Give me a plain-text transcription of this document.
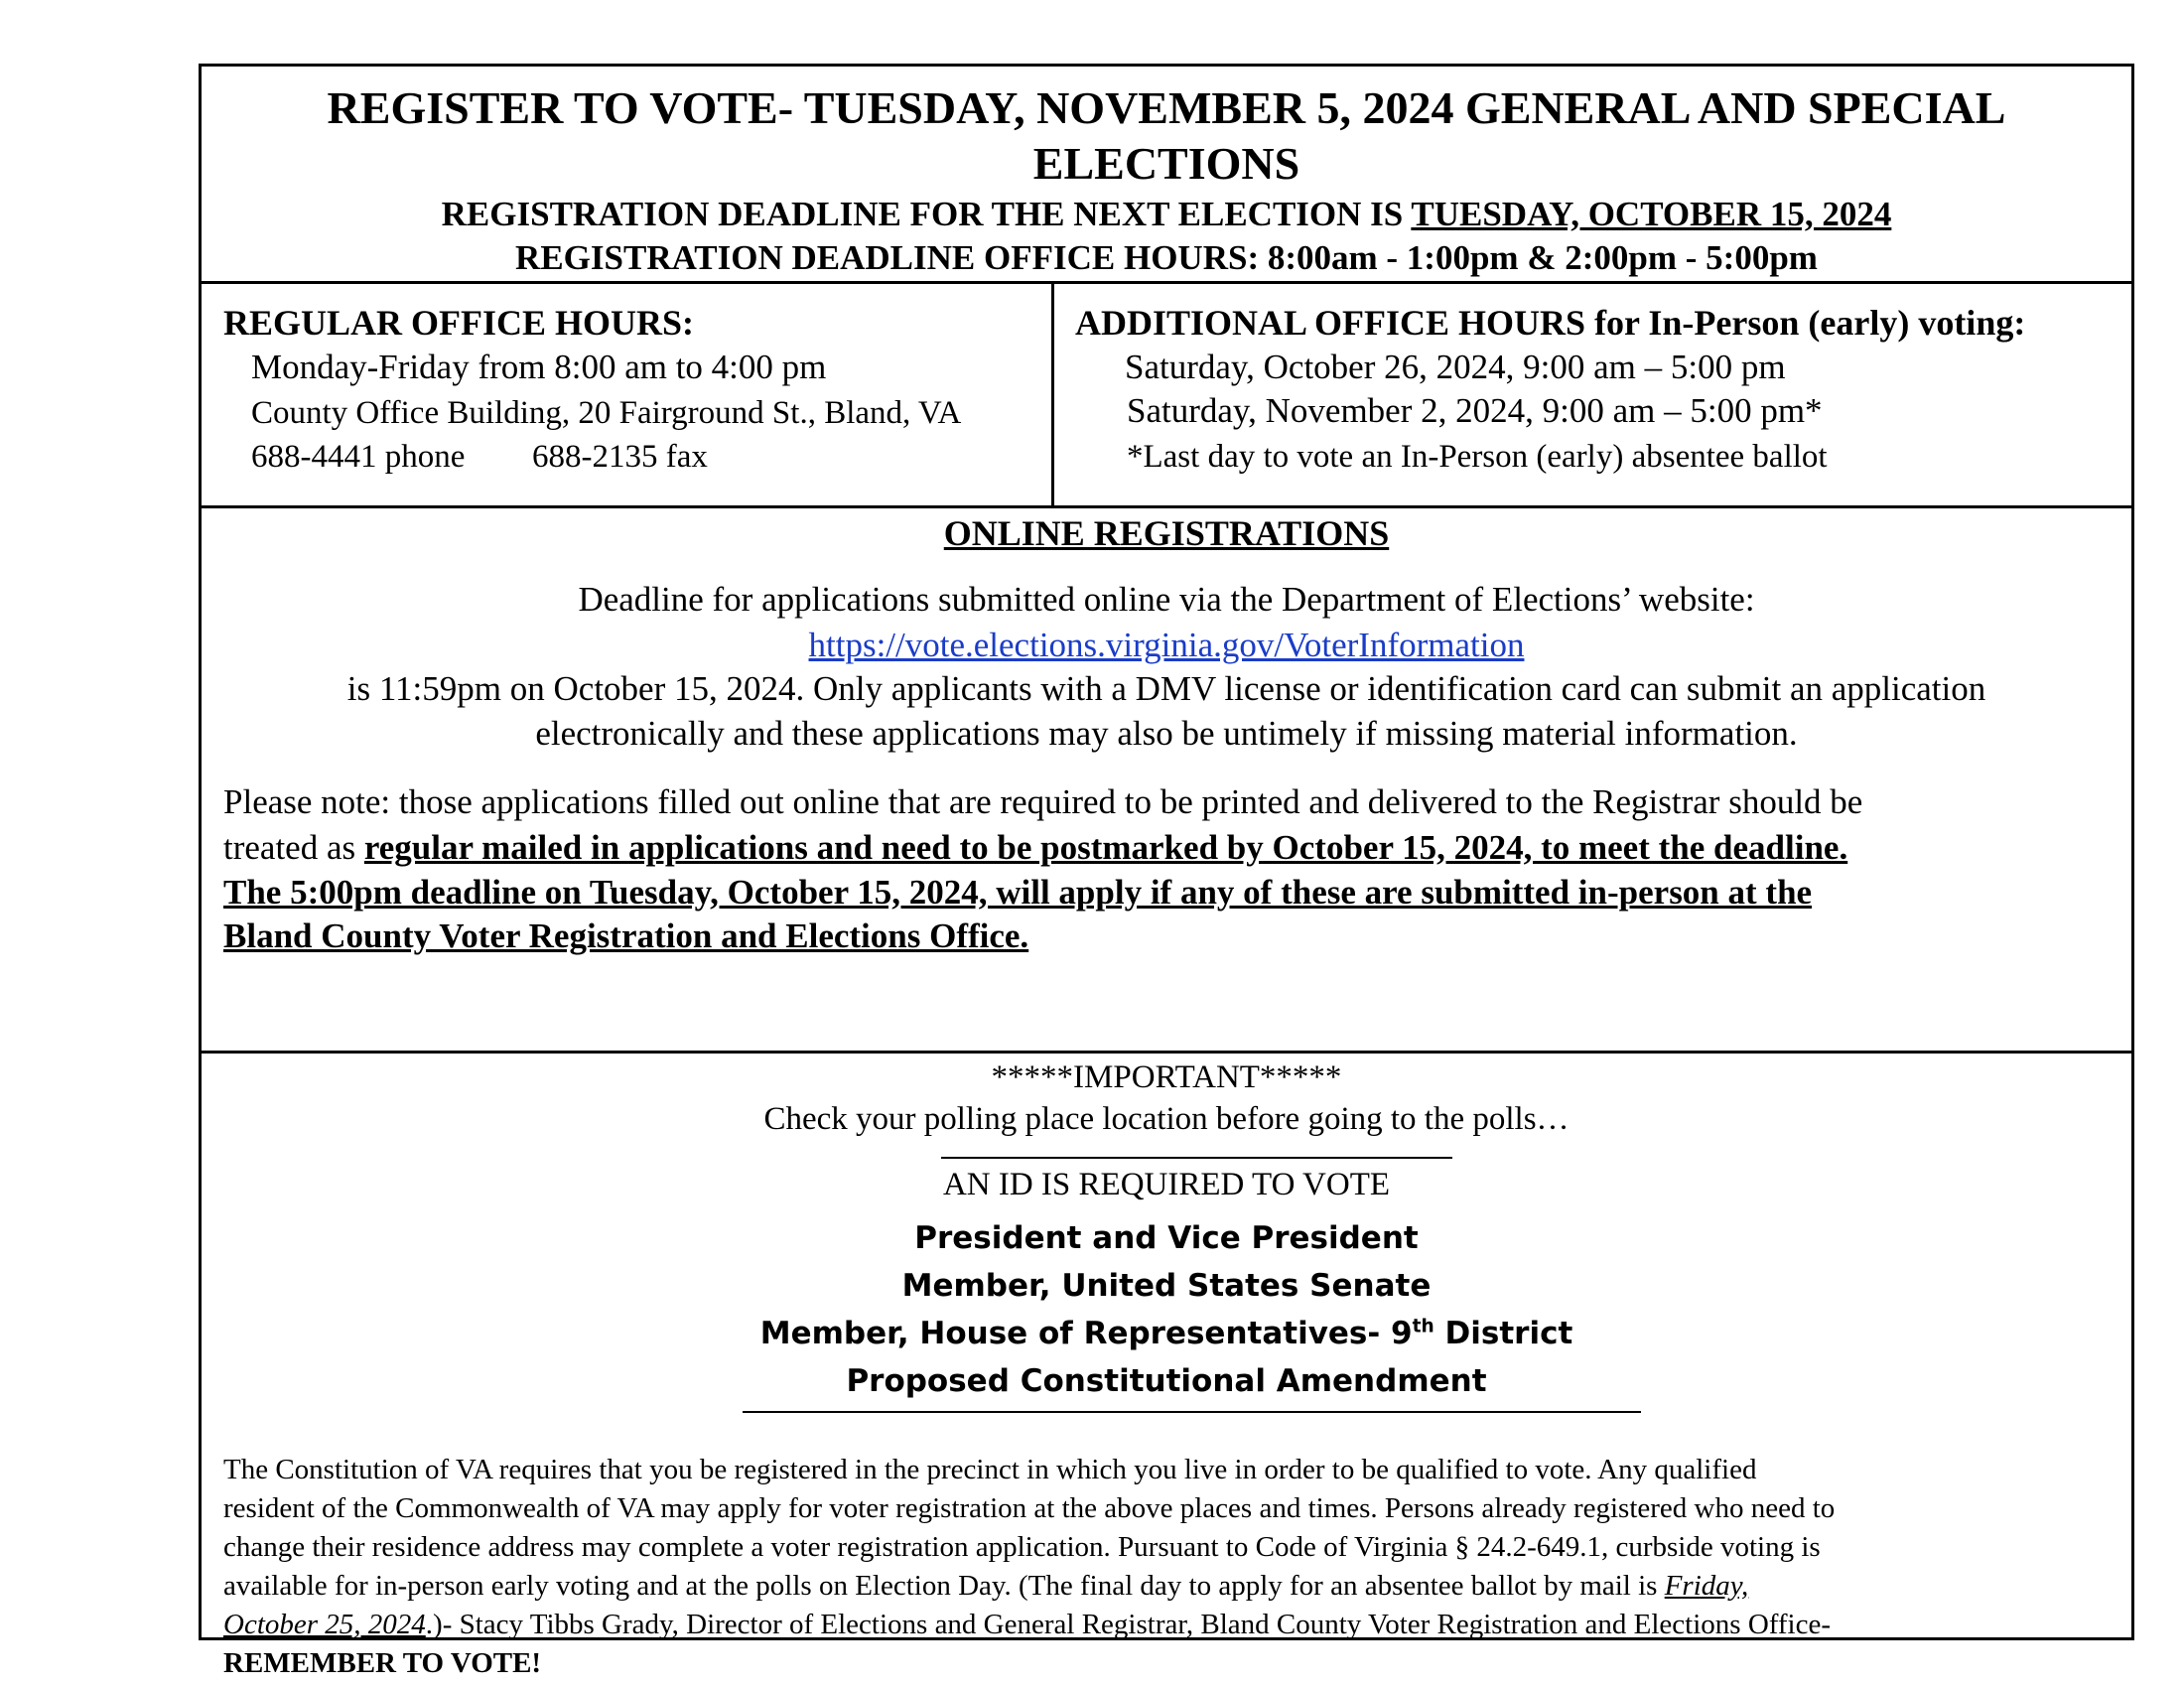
REGISTER TO VOTE- TUESDAY, NOVEMBER 5, 2024 GENERAL AND SPECIAL
ELECTIONS
REGISTRATION DEADLINE FOR THE NEXT ELECTION IS TUESDAY, OCTOBER 15, 2024
REGISTRATION DEADLINE OFFICE HOURS: 8:00am - 1:00pm & 2:00pm - 5:00pm
REGULAR OFFICE HOURS:
Monday-Friday from 8:00 am to 4:00 pm
County Office Building, 20 Fairground St., Bland, VA
688-4441 phone 688-2135 fax
ADDITIONAL OFFICE HOURS for In-Person (early) voting:
Saturday, October 26, 2024, 9:00 am – 5:00 pm
Saturday, November 2, 2024, 9:00 am – 5:00 pm*
*Last day to vote an In-Person (early) absentee ballot
ONLINE REGISTRATIONS
Deadline for applications submitted online via the Department of Elections’ website:
https://vote.elections.virginia.gov/VoterInformation
is 11:59pm on October 15, 2024. Only applicants with a DMV license or identification card can submit an application
electronically and these applications may also be untimely if missing material information.
Please note: those applications filled out online that are required to be printed and delivered to the Registrar should be
treated as regular mailed in applications and need to be postmarked by October 15, 2024, to meet the deadline.
The 5:00pm deadline on Tuesday, October 15, 2024, will apply if any of these are submitted in-person at the
Bland County Voter Registration and Elections Office.
*****IMPORTANT*****
Check your polling place location before going to the polls…
AN ID IS REQUIRED TO VOTE
President and Vice President
Member, United States Senate
Member, House of Representatives- 9th District
Proposed Constitutional Amendment
The Constitution of VA requires that you be registered in the precinct in which you live in order to be qualified to vote. Any qualified
resident of the Commonwealth of VA may apply for voter registration at the above places and times. Persons already registered who need to
change their residence address may complete a voter registration application. Pursuant to Code of Virginia § 24.2-649.1, curbside voting is
available for in-person early voting and at the polls on Election Day. (The final day to apply for an absentee ballot by mail is Friday,
October 25, 2024.)- Stacy Tibbs Grady, Director of Elections and General Registrar, Bland County Voter Registration and Elections Office-
REMEMBER TO VOTE!
